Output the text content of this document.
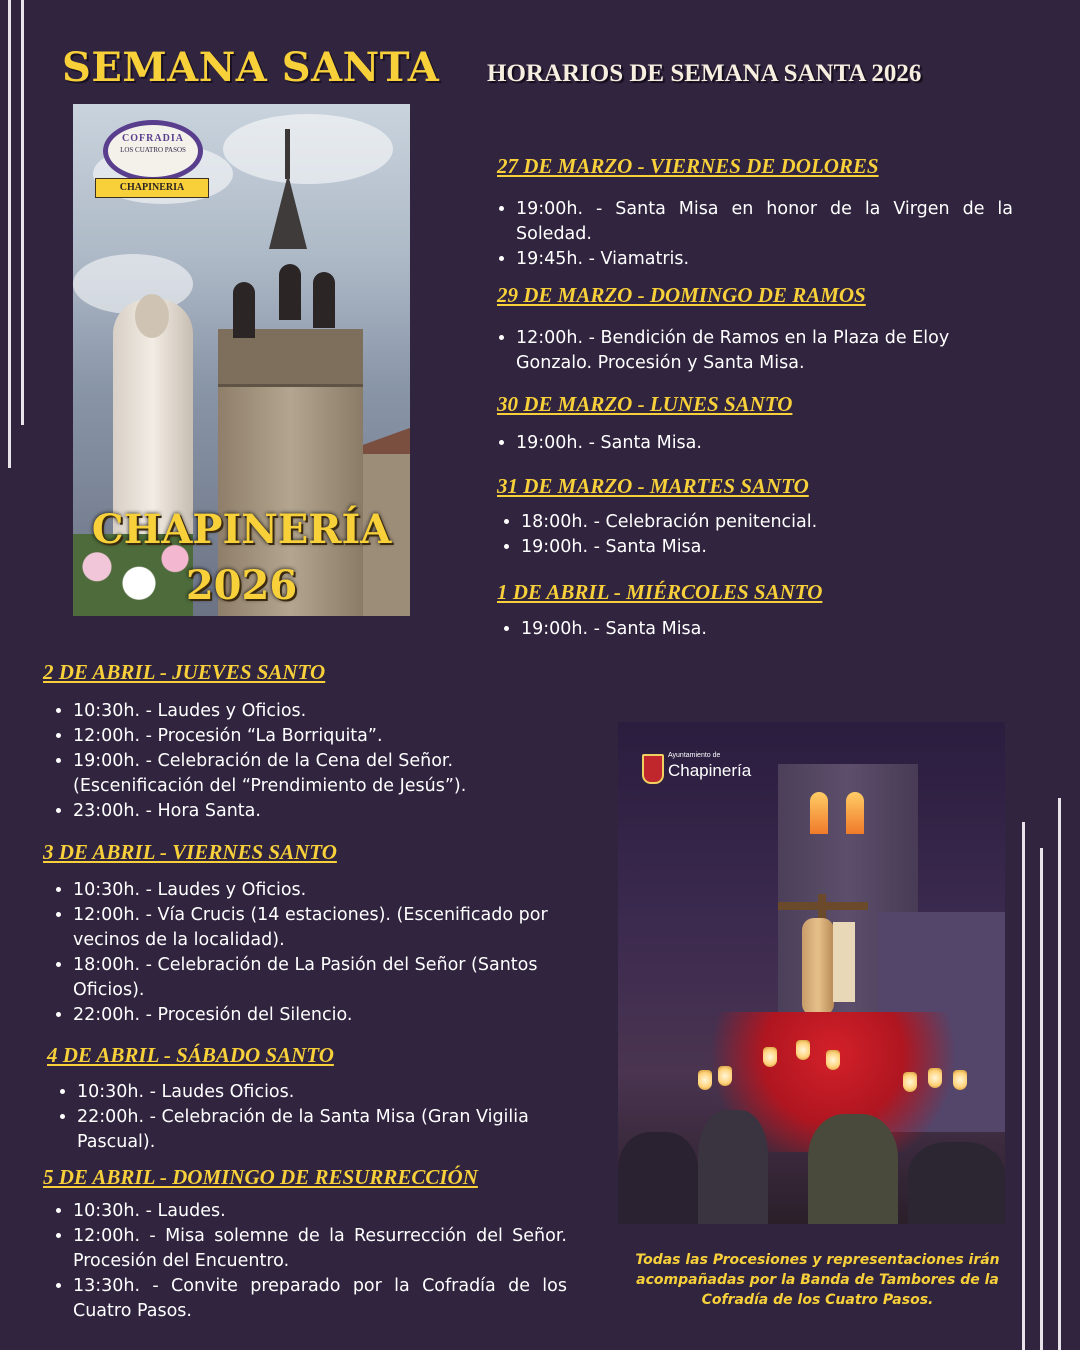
SEMANA SANTA HORARIOS DE SEMANA SANTA 2026
COFRADIA
LOS CUATRO PASOS
CHAPINERIA
CHAPINERÍA
2026
27 DE MARZO - VIERNES DE DOLORES
• 19:00h. - Santa Misa en honor de la Virgen de la Soledad.
• 19:45h. - Viamatris.
29 DE MARZO - DOMINGO DE RAMOS
• 12:00h. - Bendición de Ramos en la Plaza de Eloy Gonzalo. Procesión y Santa Misa.
30 DE MARZO - LUNES SANTO
• 19:00h. - Santa Misa.
31 DE MARZO - MARTES SANTO
• 18:00h. - Celebración penitencial.
• 19:00h. - Santa Misa.
1 DE ABRIL - MIÉRCOLES SANTO
• 19:00h. - Santa Misa.
2 DE ABRIL - JUEVES SANTO
• 10:30h. - Laudes y Oficios.
• 12:00h. - Procesión “La Borriquita”.
• 19:00h. - Celebración de la Cena del Señor. (Escenificación del “Prendimiento de Jesús”).
• 23:00h. - Hora Santa.
3 DE ABRIL - VIERNES SANTO
• 10:30h. - Laudes y Oficios.
• 12:00h. - Vía Crucis (14 estaciones). (Escenificado por vecinos de la localidad).
• 18:00h. - Celebración de La Pasión del Señor (Santos Oficios).
• 22:00h. - Procesión del Silencio.
4 DE ABRIL - SÁBADO SANTO
• 10:30h. - Laudes Oficios.
• 22:00h. - Celebración de la Santa Misa (Gran Vigilia Pascual).
5 DE ABRIL - DOMINGO DE RESURRECCIÓN
• 10:30h. - Laudes.
• 12:00h. - Misa solemne de la Resurrección del Señor. Procesión del Encuentro.
• 13:30h. - Convite preparado por la Cofradía de los Cuatro Pasos.
Ayuntamiento de
Chapinería
Todas las Procesiones y representaciones irán acompañadas por la Banda de Tambores de la Cofradía de los Cuatro Pasos.
